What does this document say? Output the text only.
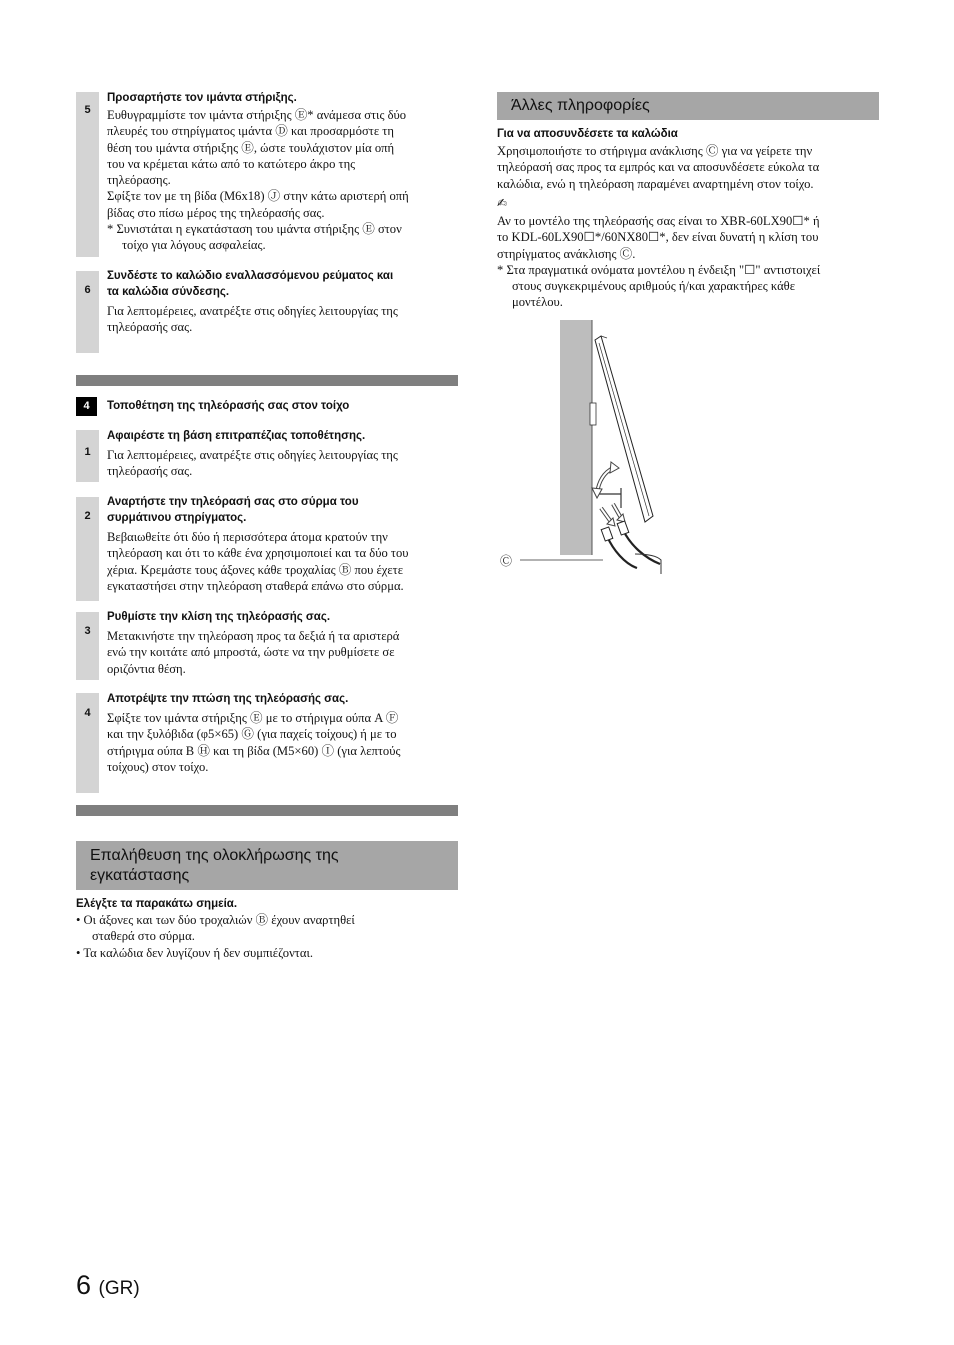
5
Προσαρτήστε τον ιμάντα στήριξης.
Ευθυγραμμίστε τον ιμάντα στήριξης Ⓔ* ανάμεσα στις δύο
πλευρές του στηρίγματος ιμάντα Ⓓ και προσαρμόστε τη
θέση του ιμάντα στήριξης Ⓔ, ώστε τουλάχιστον μία οπή
του να κρέμεται κάτω από το κατώτερο άκρο της
τηλεόρασης.
Σφίξτε τον με τη βίδα (M6x18) Ⓙ στην κάτω αριστερή οπή
βίδας στο πίσω μέρος της τηλεόρασής σας.
* Συνιστάται η εγκατάσταση του ιμάντα στήριξης Ⓔ στον
τοίχο για λόγους ασφαλείας.
6
Συνδέστε το καλώδιο εναλλασσόμενου ρεύματος και
τα καλώδια σύνδεσης.
Για λεπτομέρειες, ανατρέξτε στις οδηγίες λειτουργίας της
τηλεόρασής σας.
4	Τοποθέτηση της τηλεόρασής σας στον τοίχο
1
Αφαιρέστε τη βάση επιτραπέζιας τοποθέτησης.
Για λεπτομέρειες, ανατρέξτε στις οδηγίες λειτουργίας της
τηλεόρασής σας.
2
Αναρτήστε την τηλεόρασή σας στο σύρμα του
συρμάτινου στηρίγματος.
Βεβαιωθείτε ότι δύο ή περισσότερα άτομα κρατούν την
τηλεόραση και ότι το κάθε ένα χρησιμοποιεί και τα δύο του
χέρια. Κρεμάστε τους άξονες κάθε τροχαλίας Ⓑ που έχετε
εγκαταστήσει στην τηλεόραση σταθερά επάνω στο σύρμα.
3
Ρυθμίστε την κλίση της τηλεόρασής σας.
Μετακινήστε την τηλεόραση προς τα δεξιά ή τα αριστερά
ενώ την κοιτάτε από μπροστά, ώστε να την ρυθμίσετε σε
οριζόντια θέση.
4
Αποτρέψτε την πτώση της τηλεόρασής σας.
Σφίξτε τον ιμάντα στήριξης Ⓔ με το στήριγμα ούπα A Ⓕ
και την ξυλόβιδα (φ5×65) Ⓖ (για παχείς τοίχους) ή με το
στήριγμα ούπα B Ⓗ και τη βίδα (M5×60) Ⓘ (για λεπτούς
τοίχους) στον τοίχο.
Επαλήθευση της ολοκλήρωσης της
εγκατάστασης
Ελέγξτε τα παρακάτω σημεία.
• Οι άξονες και των δύο τροχαλιών Ⓑ έχουν αναρτηθεί
σταθερά στο σύρμα.
• Τα καλώδια δεν λυγίζουν ή δεν συμπιέζονται.
Άλλες πληροφορίες
Για να αποσυνδέσετε τα καλώδια
Χρησιμοποιήστε το στήριγμα ανάκλισης Ⓒ για να γείρετε την
τηλεόρασή σας προς τα εμπρός και να αποσυνδέσετε εύκολα τα
καλώδια, ενώ η τηλεόραση παραμένει αναρτημένη στον τοίχο.
✍
Αν το μοντέλο της τηλεόρασής σας είναι το XBR-60LX90☐* ή
το KDL-60LX90☐*/60NX80☐*, δεν είναι δυνατή η κλίση του
στηρίγματος ανάκλισης Ⓒ.
* Στα πραγματικά ονόματα μοντέλου η ένδειξη "☐" αντιστοιχεί
στους συγκεκριμένους αριθμούς ή/και χαρακτήρες κάθε
μοντέλου.
Ⓒ
6 (GR)
